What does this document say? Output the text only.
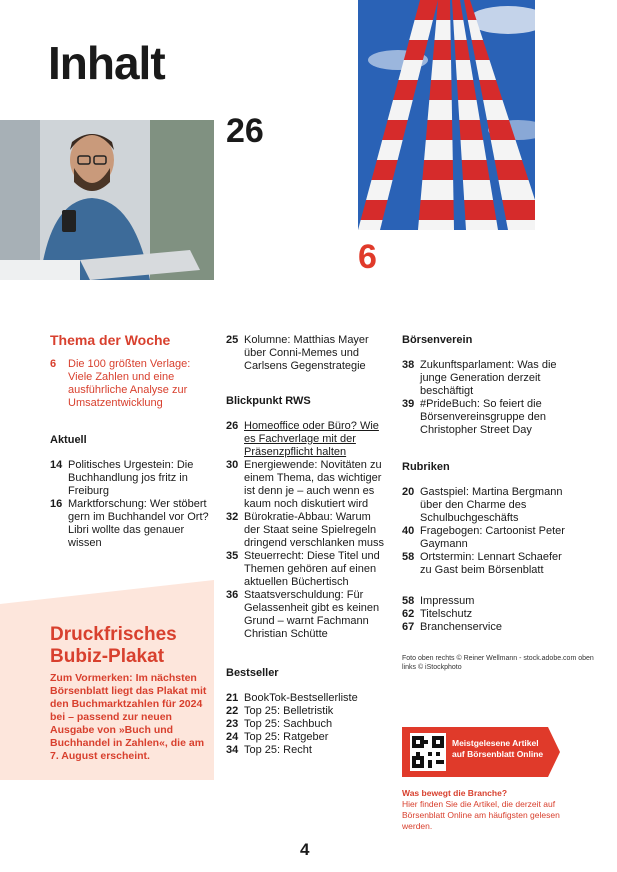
Inhalt
26
6
Thema der Woche
6	Die 100 größten Verlage: Viele Zahlen und eine ausführliche Analyse zur Umsatzentwicklung
Aktuell
14 Politisches Urgestein: Die Buchhandlung jos fritz in Freiburg
16 Marktforschung: Wer stöbert gern im Buchhandel vor Ort? Libri wollte das genauer wissen
Druckfrisches Bubiz-Plakat
Zum Vormerken: Im nächsten Börsenblatt liegt das Plakat mit den Buchmarktzahlen für 2024 bei – passend zur neuen Ausgabe von »Buch und Buchhandel in Zahlen«, die am 7. August erscheint.
25 Kolumne: Matthias Mayer über Conni-Memes und Carlsens Gegenstrategie
Blickpunkt RWS
26 Homeoffice oder Büro? Wie es Fachverlage mit der Präsenzpflicht halten
30 Energiewende: Novitäten zu einem Thema, das wichtiger ist denn je – auch wenn es kaum noch diskutiert wird
32 Bürokratie-Abbau: Warum der Staat seine Spielregeln dringend verschlanken muss
35 Steuerrecht: Diese Titel und Themen gehören auf einen aktuellen Büchertisch
36 Staatsverschuldung: Für Gelassenheit gibt es keinen Grund – warnt Fachmann Christian Schütte
Bestseller
21 BookTok-Bestsellerliste
22 Top 25: Belletristik
23 Top 25: Sachbuch
24 Top 25: Ratgeber
34 Top 25: Recht
Börsenverein
38 Zukunftsparlament: Was die junge Generation derzeit beschäftigt
39 #PrideBuch: So feiert die Börsenvereinsgruppe den Christopher Street Day
Rubriken
20 Gastspiel: Martina Bergmann über den Charme des Schulbuchgeschäfts
40 Fragebogen: Cartoonist Peter Gaymann
58 Ortstermin: Lennart Schaefer zu Gast beim Börsenblatt
58 Impressum
62 Titelschutz
67 Branchenservice
Foto oben rechts © Reiner Wellmann - stock.adobe.com oben links © iStockphoto
Meistgelesene Artikel auf Börsenblatt Online
Was bewegt die Branche?
Hier finden Sie die Artikel, die derzeit auf Börsenblatt Online am häufigsten gelesen werden.
4
